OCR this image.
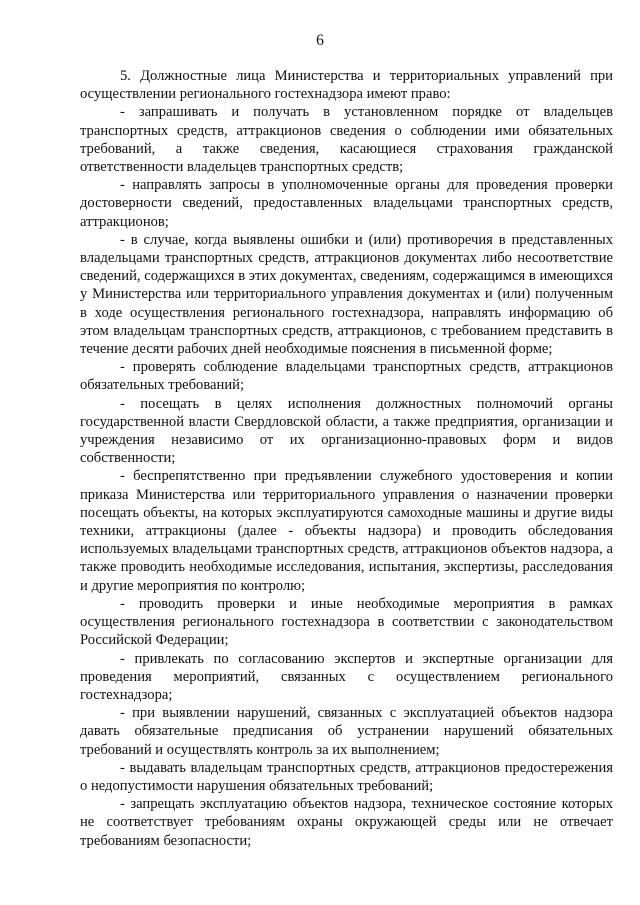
6

5. Должностные лица Министерства и территориальных управлений при осуществлении регионального гостехнадзора имеют право:

- запрашивать и получать в установленном порядке от владельцев транспортных средств, аттракционов сведения о соблюдении ими обязательных требований, а также сведения, касающиеся страхования гражданской ответственности владельцев транспортных средств;

- направлять запросы в уполномоченные органы для проведения проверки достоверности сведений, предоставленных владельцами транспортных средств, аттракционов;

- в случае, когда выявлены ошибки и (или) противоречия в представленных владельцами транспортных средств, аттракционов документах либо несоответствие сведений, содержащихся в этих документах, сведениям, содержащимся в имеющихся у Министерства или территориального управления документах и (или) полученным в ходе осуществления регионального гостехнадзора, направлять информацию об этом владельцам транспортных средств, аттракционов, с требованием представить в течение десяти рабочих дней необходимые пояснения в письменной форме;

- проверять соблюдение владельцами транспортных средств, аттракционов обязательных требований;

- посещать в целях исполнения должностных полномочий органы государственной власти Свердловской области, а также предприятия, организации и учреждения независимо от их организационно-правовых форм и видов собственности;

- беспрепятственно при предъявлении служебного удостоверения и копии приказа Министерства или территориального управления о назначении проверки посещать объекты, на которых эксплуатируются самоходные машины и другие виды техники, аттракционы (далее - объекты надзора) и проводить обследования используемых владельцами транспортных средств, аттракционов объектов надзора, а также проводить необходимые исследования, испытания, экспертизы, расследования и другие мероприятия по контролю;

- проводить проверки и иные необходимые мероприятия в рамках осуществления регионального гостехнадзора в соответствии с законодательством Российской Федерации;

- привлекать по согласованию экспертов и экспертные организации для проведения мероприятий, связанных с осуществлением регионального гостехнадзора;

- при выявлении нарушений, связанных с эксплуатацией объектов надзора давать обязательные предписания об устранении нарушений обязательных требований и осуществлять контроль за их выполнением;

- выдавать владельцам транспортных средств, аттракционов предостережения о недопустимости нарушения обязательных требований;

- запрещать эксплуатацию объектов надзора, техническое состояние которых не соответствует требованиям охраны окружающей среды или не отвечает требованиям безопасности;
